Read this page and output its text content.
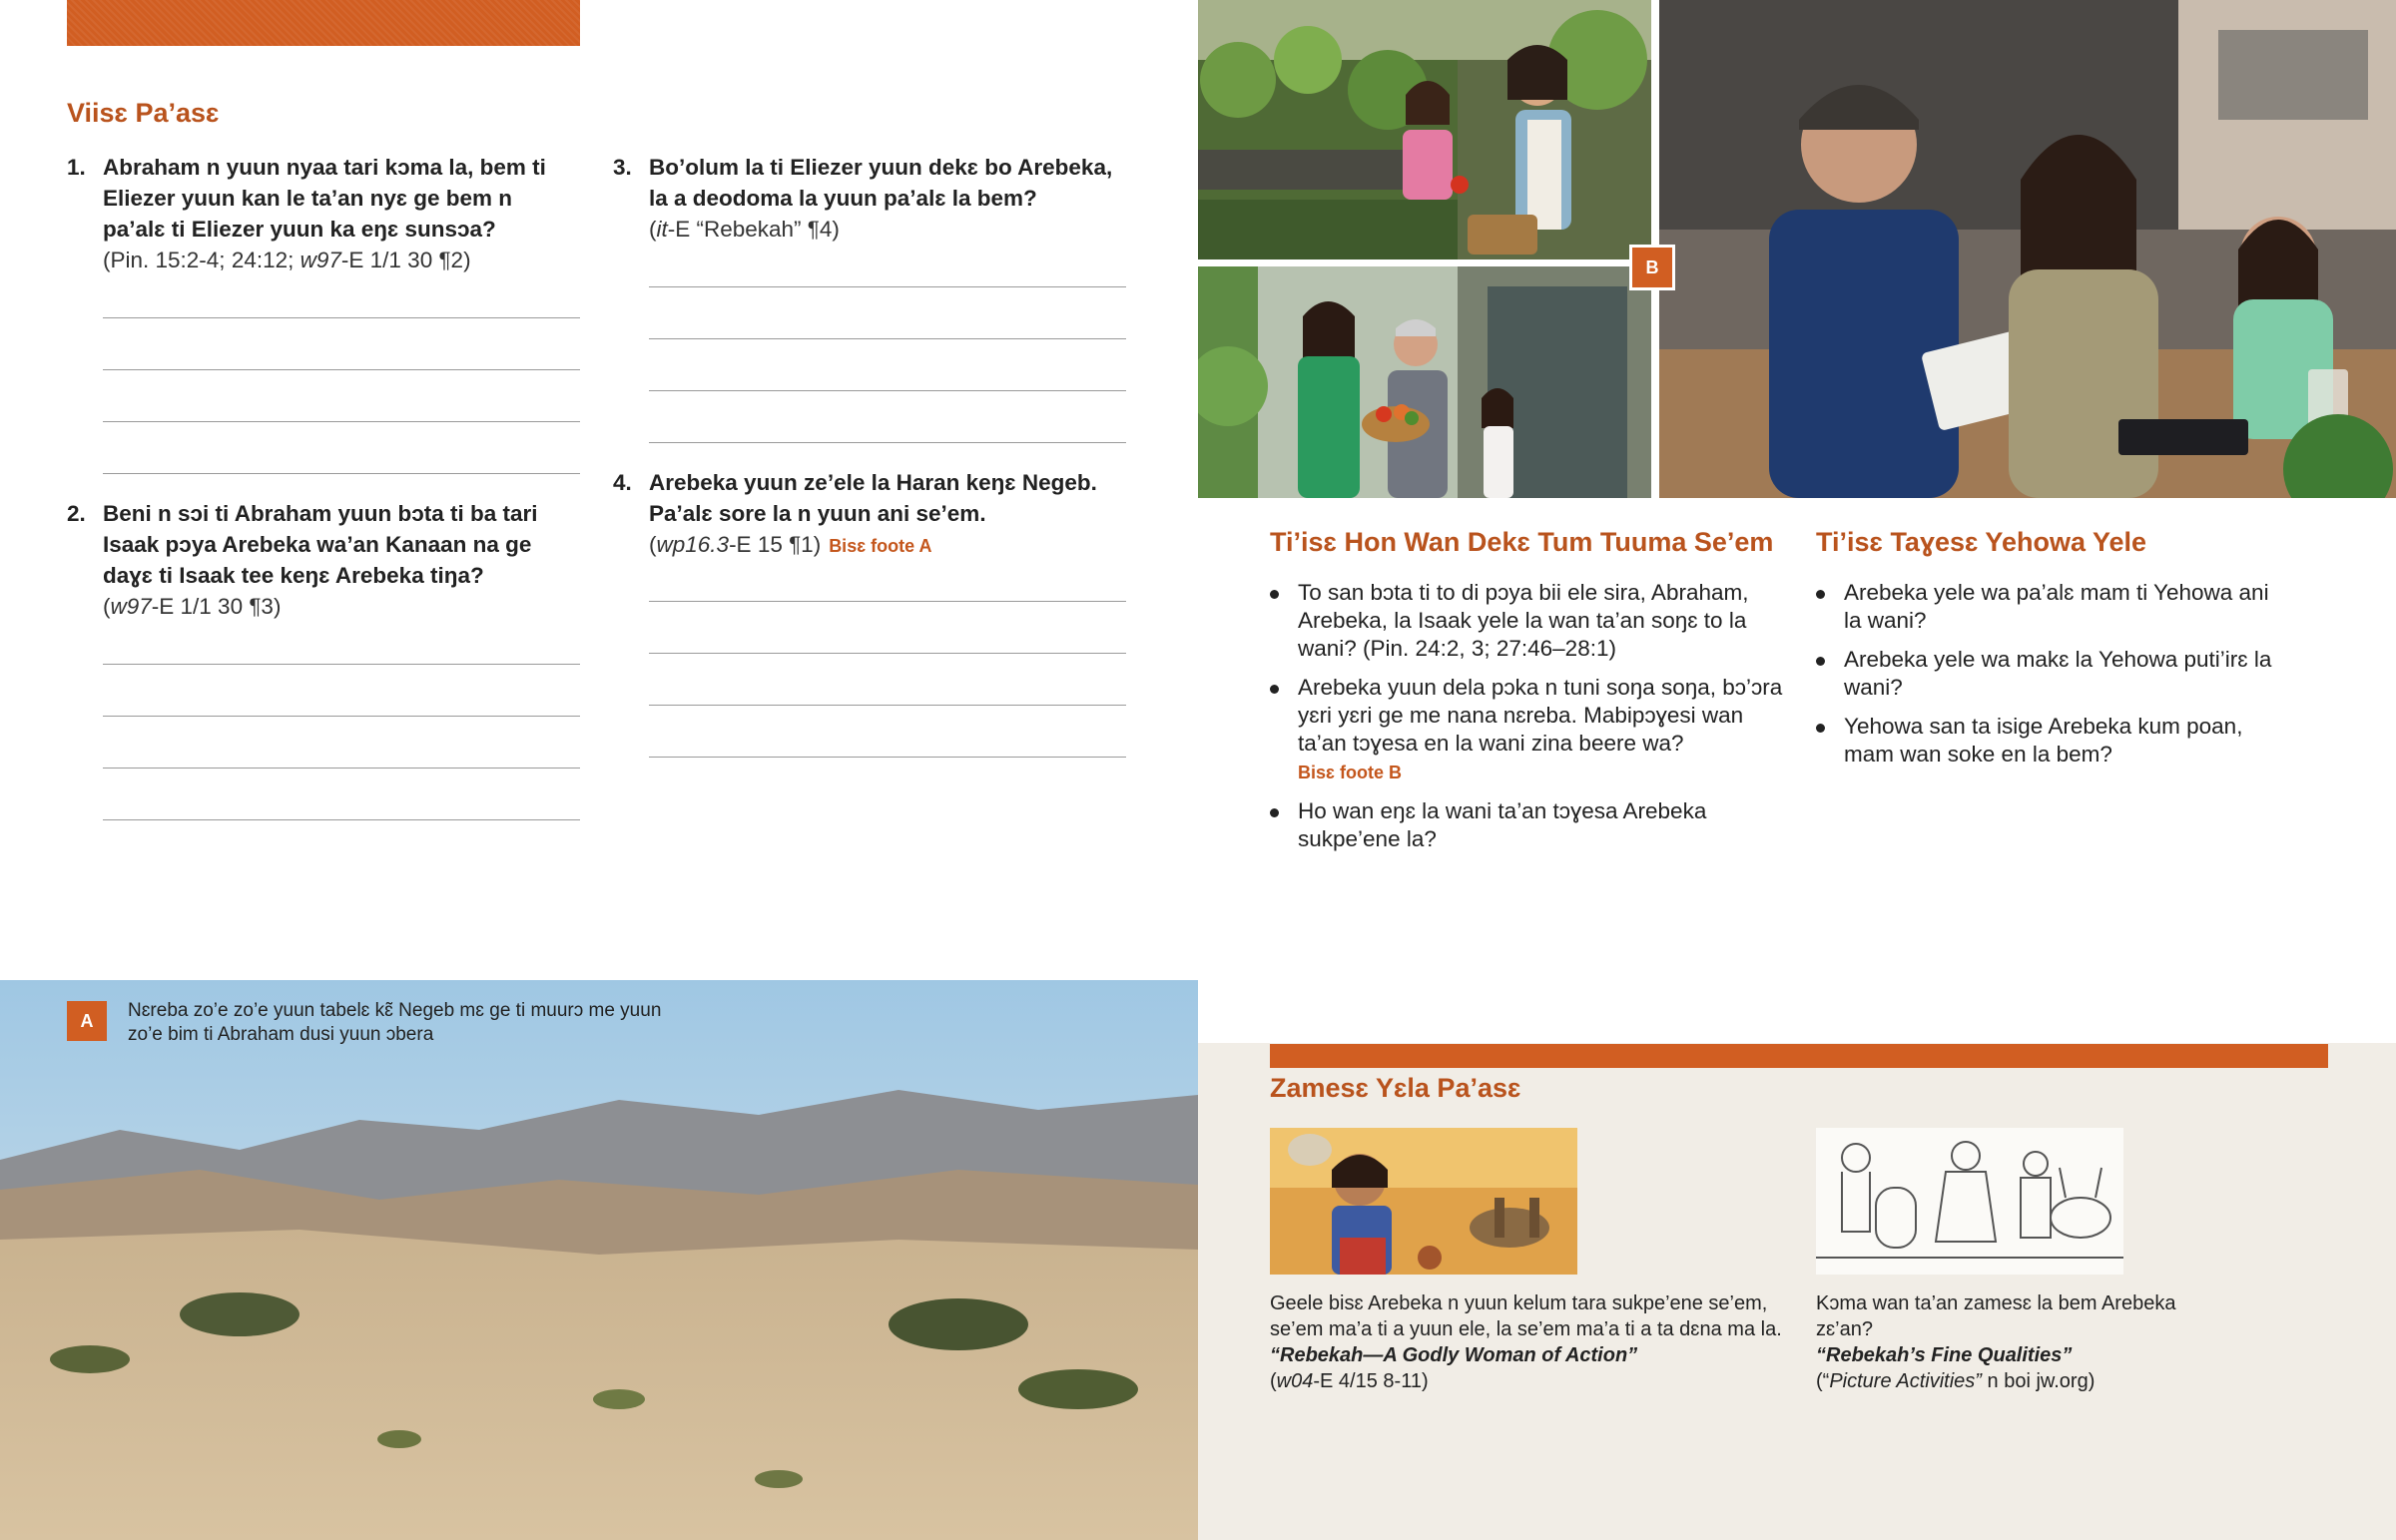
Viisɛ Pa’asɛ
1. Abraham n yuun nyaa tari kɔma la, bem ti Eliezer yuun kan le ta’an nyɛ ge bem n pa’alɛ ti Eliezer yuun ka eŋɛ sunsɔa?
(Pin. 15:2-4; 24:12; w97-E 1/1 30 ¶2)
2. Beni n sɔi ti Abraham yuun bɔta ti ba tari Isaak pɔya Arebeka wa’an Kanaan na ge daɣɛ ti Isaak tee keŋɛ Arebeka tiŋa?
(w97-E 1/1 30 ¶3)
3. Bo’olum la ti Eliezer yuun dekɛ bo Arebeka, la a deodoma la yuun pa’alɛ la bem?
(it-E “Rebekah” ¶4)
4. Arebeka yuun ze’ele la Haran keŋɛ Negeb. Pa’alɛ sore la n yuun ani se’em.
(wp16.3-E 15 ¶1) Bisɛ foote A
B
Ti’isɛ Hon Wan Dekɛ Tum Tuuma Se’em
To san bɔta ti to di pɔya bii ele sira, Abraham, Arebeka, la Isaak yele la wan ta’an soŋɛ to la wani? (Pin. 24:2, 3; 27:46–28:1)
Arebeka yuun dela pɔka n tuni soŋa soŋa, bɔ’ɔra yɛri yɛri ge me nana nɛreba. Mabipɔɣesi wan ta’an tɔɣesa en la wani zina beere wa?
Bisɛ foote B
Ho wan eŋɛ la wani ta’an tɔɣesa Arebeka sukpe’ene la?
Ti’isɛ Taɣesɛ Yehowa Yele
Arebeka yele wa pa’alɛ mam ti Yehowa ani la wani?
Arebeka yele wa makɛ la Yehowa puti’irɛ la wani?
Yehowa san ta isige Arebeka kum poan, mam wan soke en la bem?
A	Nɛreba zo’e zo’e yuun tabelɛ kɛ̃ Negeb mɛ ge ti muurɔ me yuun zo’e bim ti Abraham dusi yuun ɔbera
Zamesɛ Yɛla Pa’asɛ
Geele bisɛ Arebeka n yuun kelum tara sukpe’ene se’em, se’em ma’a ti a yuun ele, la se’em ma’a ti a ta dɛna ma la.
“Rebekah—A Godly Woman of Action”
(w04-E 4/15 8-11)
Kɔma wan ta’an zamesɛ la bem Arebeka zɛ’an?
“Rebekah’s Fine Qualities”
(“Picture Activities” n boi jw.org)
